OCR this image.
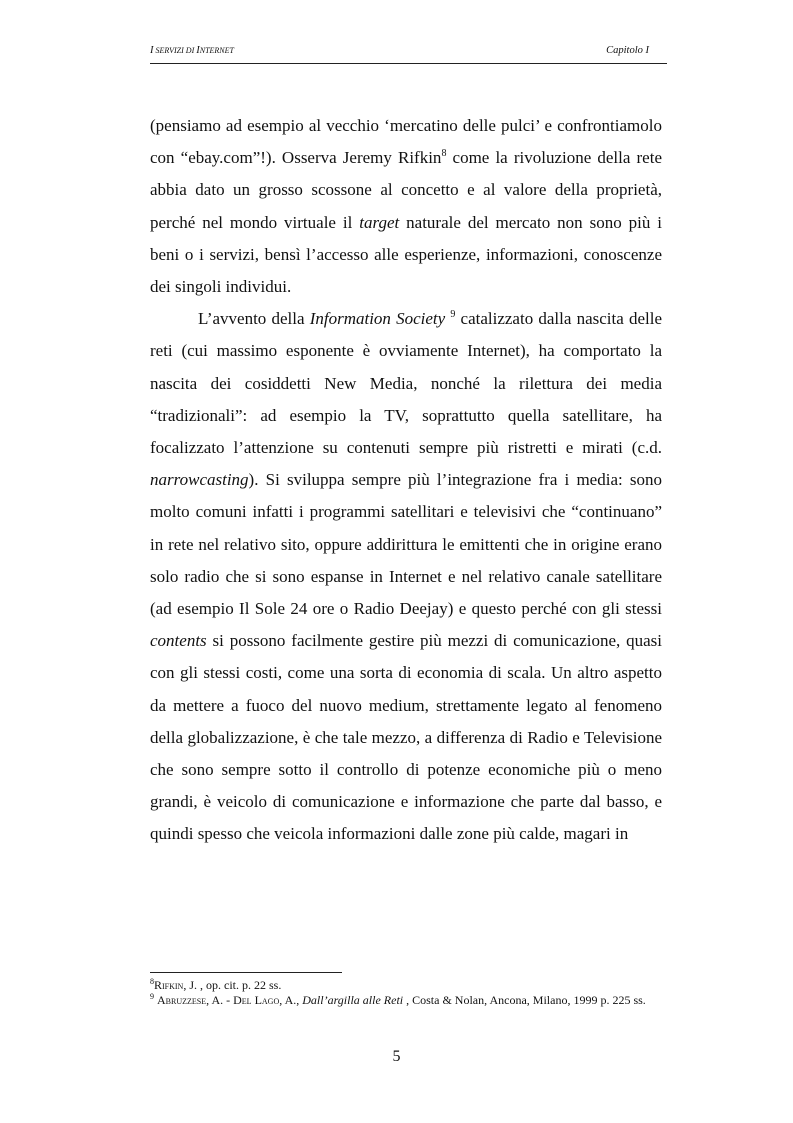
I SERVIZI DI INTERNET	Capitolo I

(pensiamo ad esempio al vecchio ‘mercatino delle pulci’ e confrontiamolo con “ebay.com”!). Osserva Jeremy Rifkin$^8$ come la rivoluzione della rete abbia dato un grosso scossone al concetto e al valore della proprietà, perché nel mondo virtuale il target naturale del mercato non sono più i beni o i servizi, bensì l’accesso alle esperienze, informazioni, conoscenze dei singoli individui.

L’avvento della Information Society $^9$ catalizzato dalla nascita delle reti (cui massimo esponente è ovviamente Internet), ha comportato la nascita dei cosiddetti New Media, nonché la rilettura dei media “tradizionali”: ad esempio la TV, soprattutto quella satellitare, ha focalizzato l’attenzione su contenuti sempre più ristretti e mirati (c.d. narrowcasting). Si sviluppa sempre più l’integrazione fra i media: sono molto comuni infatti i programmi satellitari e televisivi che “continuano” in rete nel relativo sito, oppure addirittura le emittenti che in origine erano solo radio che si sono espanse in Internet e nel relativo canale satellitare (ad esempio Il Sole 24 ore o Radio Deejay) e questo perché con gli stessi contents si possono facilmente gestire più mezzi di comunicazione, quasi con gli stessi costi, come una sorta di economia di scala. Un altro aspetto da mettere a fuoco del nuovo medium, strettamente legato al fenomeno della globalizzazione, è che tale mezzo, a differenza di Radio e Televisione che sono sempre sotto il controllo di potenze economiche più o meno grandi, è veicolo di comunicazione e informazione che parte dal basso, e quindi spesso che veicola informazioni dalle zone più calde, magari in

$^8$Rifkin, J. , op. cit. p. 22 ss.

$^9$ Abruzzese, A. - Del Lago, A., Dall’argilla alle Reti , Costa & Nolan, Ancona, Milano, 1999 p. 225 ss.

5
